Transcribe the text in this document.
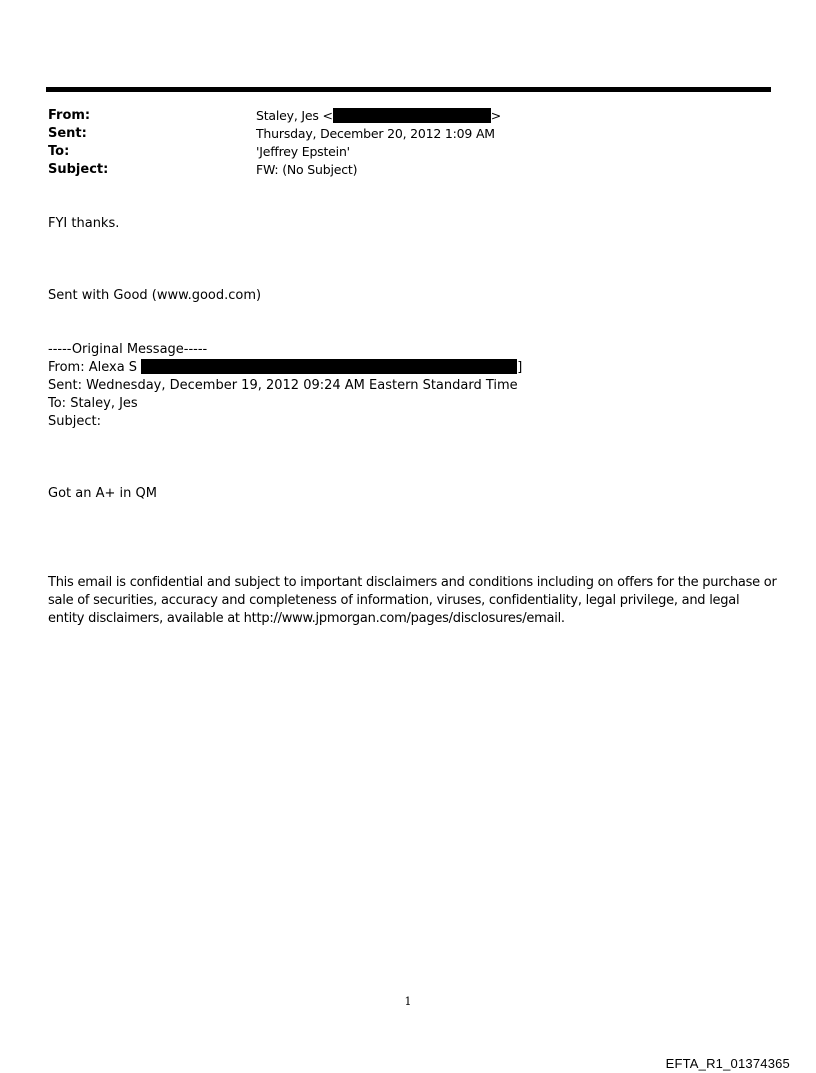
From:	Staley, Jes <	>
Sent:	Thursday, December 20, 2012 1:09 AM
To:	'Jeffrey Epstein'
Subject:	FW: (No Subject)
FYI thanks.
Sent with Good (www.good.com)
-----Original Message-----
From: Alexa S	]
Sent: Wednesday, December 19, 2012 09:24 AM Eastern Standard Time
To: Staley, Jes
Subject:
Got an A+ in QM
This email is confidential and subject to important disclaimers and conditions including on offers for the purchase or sale of securities, accuracy and completeness of information, viruses, confidentiality, legal privilege, and legal entity disclaimers, available at http://www.jpmorgan.com/pages/disclosures/email.
1
EFTA_R1_01374365
